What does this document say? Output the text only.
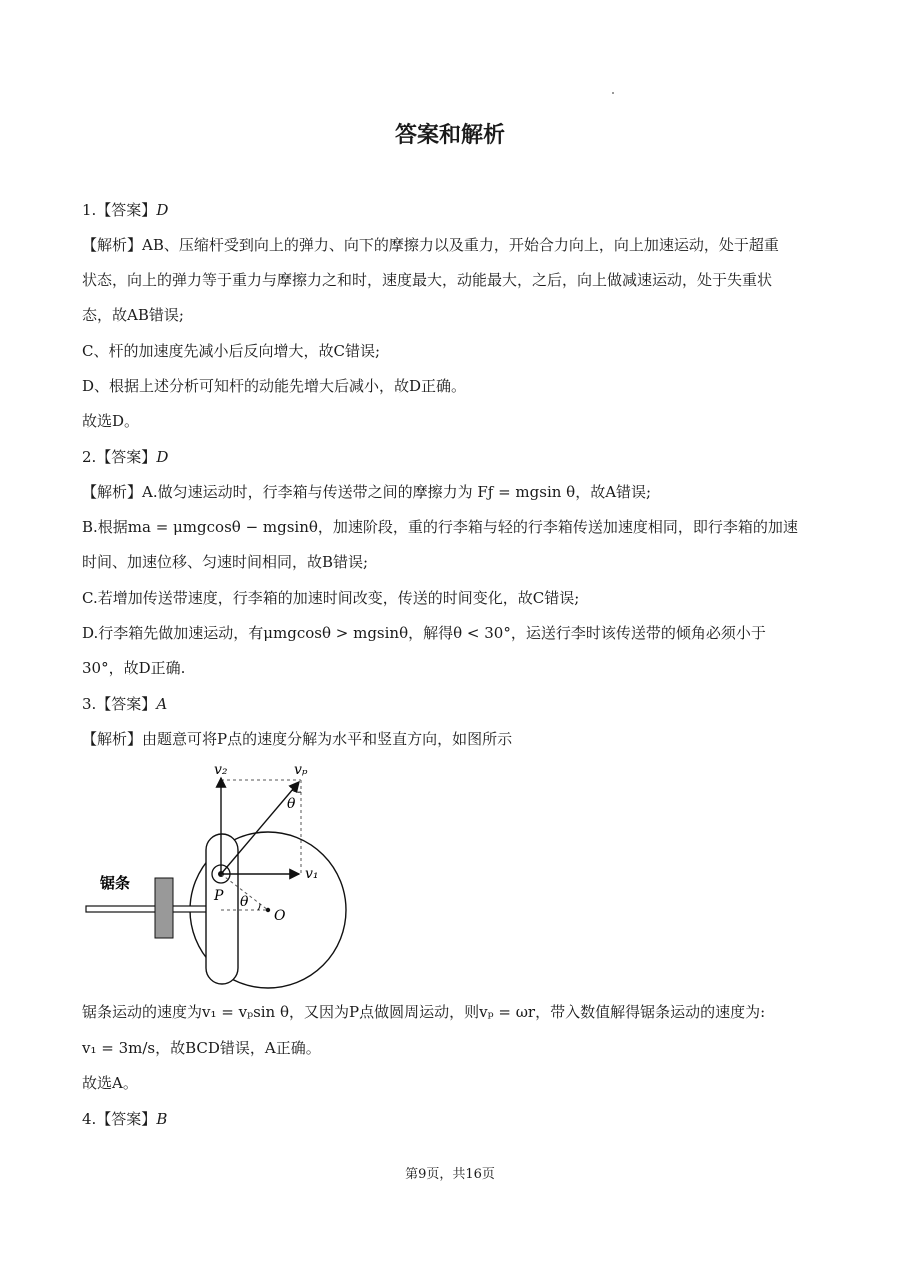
答案和解析
1.【答案】D
【解析】AB、压缩杆受到向上的弹力、向下的摩擦力以及重力，开始合力向上，向上加速运动，处于超重
状态，向上的弹力等于重力与摩擦力之和时，速度最大，动能最大，之后，向上做减速运动，处于失重状
态，故AB错误;
C、杆的加速度先减小后反向增大，故C错误;
D、根据上述分析可知杆的动能先增大后减小，故D正确。
故选D。
2.【答案】D
【解析】A.做匀速运动时，行李箱与传送带之间的摩擦力为 Fƒ = mgsin θ，故A错误;
B.根据ma = μmgcosθ − mgsinθ，加速阶段，重的行李箱与轻的行李箱传送加速度相同，即行李箱的加速
时间、加速位移、匀速时间相同，故B错误;
C.若增加传送带速度，行李箱的加速时间改变，传送的时间变化，故C错误;
D.行李箱先做加速运动，有μmgcosθ > mgsinθ，解得θ < 30°，运送行李时该传送带的倾角必须小于
30°，故D正确.
3.【答案】A
【解析】由题意可将P点的速度分解为水平和竖直方向，如图所示
v₂	vₚ
v₁
θ
θ
P
O
锯条
锯条运动的速度为v₁ = vₚsin θ，又因为P点做圆周运动，则vₚ = ωr，带入数值解得锯条运动的速度为:
v₁ = 3m/s，故BCD错误，A正确。
故选A。
4.【答案】B
第9页，共16页
